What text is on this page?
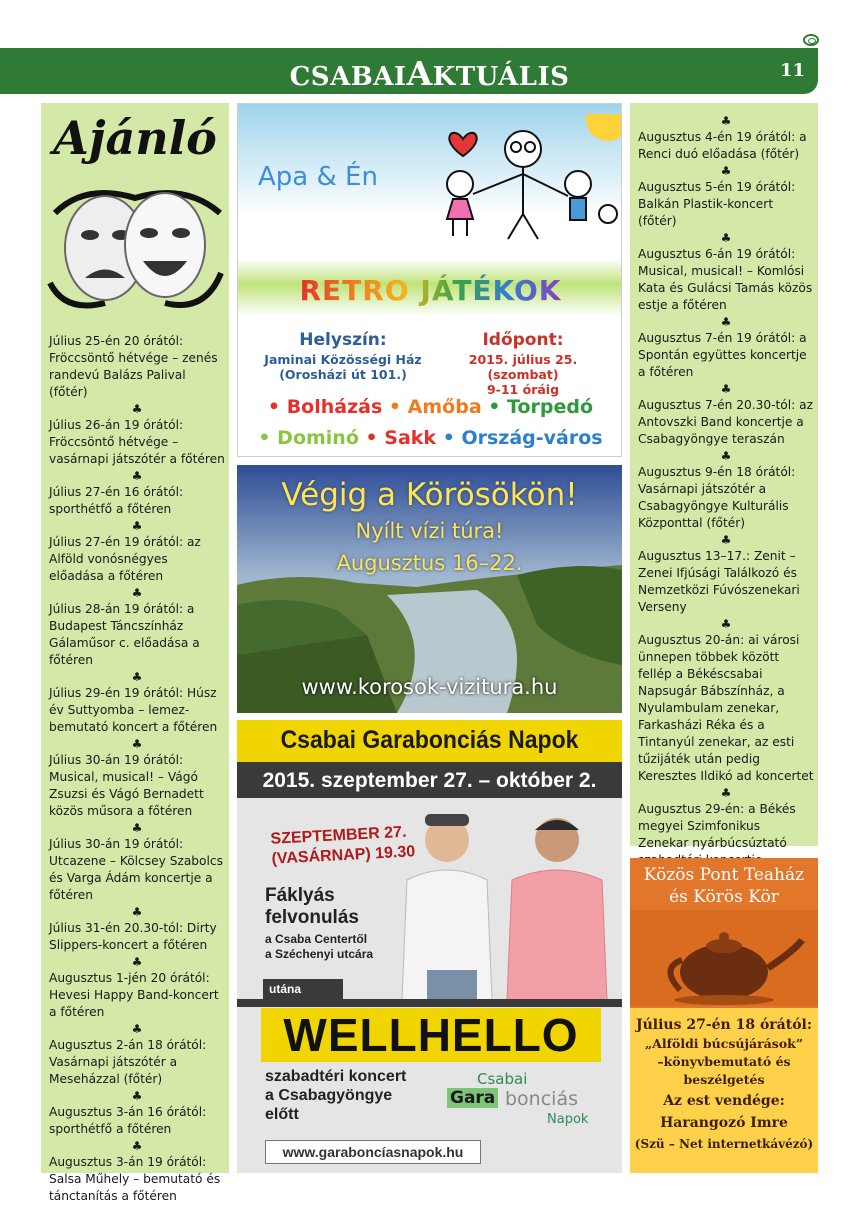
CSABAIAKTUÁLIS	11
Ajánló
Július 25-én 20 órától: Fröccsöntő hétvége – zenés randevú Balázs Palival (főtér)
♣
Július 26-án 19 órától: Fröccsöntő hétvége – vasárnapi játszótér a főtéren
♣
Július 27-én 16 órától: sporthétfő a főtéren
♣
Július 27-én 19 órától: az Alföld vonósnégyes előadása a főtéren
♣
Július 28-án 19 órától: a Budapest Táncszínház Gálaműsor c. előadása a főtéren
♣
Július 29-én 19 órától: Húsz év Suttyomba – lemez-bemutató koncert a főtéren
♣
Július 30-án 19 órától: Musical, musical! – Vágó Zsuzsi és Vágó Bernadett közös műsora a főtéren
♣
Július 30-án 19 órától: Utcazene – Kölcsey Szabolcs és Varga Ádám koncertje a főtéren
♣
Július 31-én 20.30-tól: Dirty Slippers-koncert a főtéren
♣
Augusztus 1-jén 20 órától: Hevesi Happy Band-koncert a főtéren
♣
Augusztus 2-án 18 órától: Vasárnapi játszótér a Meseházzal (főtér)
♣
Augusztus 3-án 16 órától: sporthétfő a főtéren
♣
Augusztus 3-án 19 órától: Salsa Műhely – bemutató és tánctanítás a főtéren
♣
Augusztus 4-én 19 órától: a Renci duó előadása (főtér)
♣
Augusztus 5-én 19 órától: Balkán Plastik-koncert (főtér)
♣
Augusztus 6-án 19 órától: Musical, musical! – Komlósi Kata és Gulácsi Tamás közös estje a főtéren
♣
Augusztus 7-én 19 órától: a Spontán együttes koncertje a főtéren
♣
Augusztus 7-én 20.30-tól: az Antovszki Band koncertje a Csabagyöngye teraszán
♣
Augusztus 9-én 18 órától: Vasárnapi játszótér a Csabagyöngye Kulturális Központtal (főtér)
♣
Augusztus 13–17.: Zenit – Zenei Ifjúsági Találkozó és Nemzetközi Fúvószenekari Verseny
♣
Augusztus 20-án: ai városi ünnepen többek között fellép a Békéscsabai Napsugár Bábszínház, a Nyulambulam zenekar, Farkasházi Réka és a Tintanyúl zenekar, az esti tűzijáték után pedig Keresztes Ildikó ad koncertet
♣
Augusztus 29-én: a Békés megyei Szimfonikus Zenekar nyárbúcsúztató
Apa & Én
RETRO JÁTÉKOK
Helyszín:
Jaminai Közösségi Ház
(Orosházi út 101.)
Időpont:
2015. július 25. (szombat)
9-11 óráig
• Bolházás • Amőba • Torpedó
• Dominó • Sakk • Ország-város
Végig a Körösökön!
Nyílt vízi túra!
Augusztus 16–22.
www.korosok-vizitura.hu
Csabai Garabonciás Napok
2015. szeptember 27. – október 2.
SZEPTEMBER 27.
(VASÁRNAP) 19.30
Fáklyás
felvonulás
a Csaba Centertől
a Széchenyi utcára
utána
WELLHELLO
szabadtéri koncert
a Csabagyöngye
előtt
Csabai
Gara bonciás
Napok
www.garaboncíasnapok.hu
Közös Pont Teaház
és Körös Kör
Július 27-én 18 órától:
„Alföldi búcsújárások”
–könyvbemutató és
beszélgetés
Az est vendége:
Harangozó Imre
(Szü – Net internetkávézó)
